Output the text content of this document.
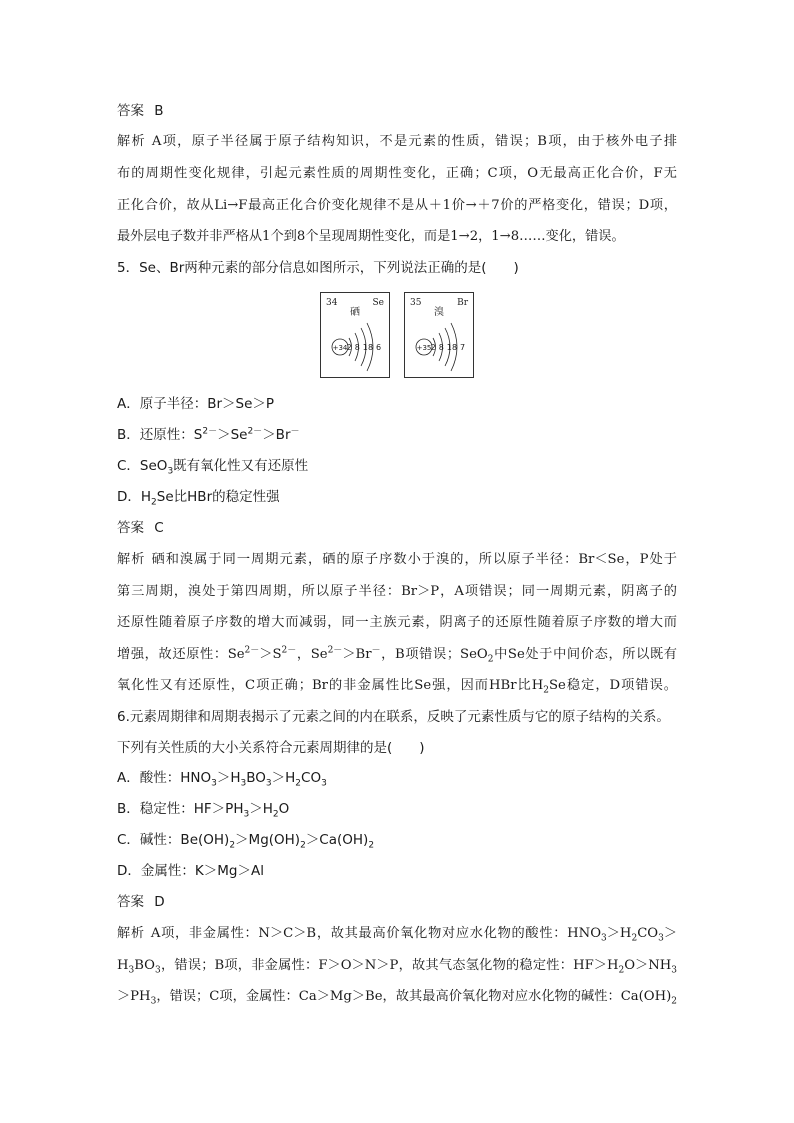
答案 B
解析 A项，原子半径属于原子结构知识，不是元素的性质，错误；B项，由于核外电子排
布的周期性变化规律，引起元素性质的周期性变化，正确；C项，O无最高正化合价，F无
正化合价，故从Li→F最高正化合价变化规律不是从＋1价→＋7价的严格变化，错误；D项，
最外层电子数并非严格从1个到8个呈现周期性变化，而是1→2，1→8……变化，错误。
5．Se、Br两种元素的部分信息如图所示，下列说法正确的是(　　)
34	Se
硒
+34 2 8 18 6
35	Br
溴
+35 2 8 18 7
A．原子半径：Br＞Se＞P
B．还原性：$S^{2-}>Se^{2-}>Br^-$
C．SeO$_3$既有氧化性又有还原性
D．$H_2Se$比HBr的稳定性强
答案 C
解析 硒和溴属于同一周期元素，硒的原子序数小于溴的，所以原子半径：Br＜Se，P处于
第三周期，溴处于第四周期，所以原子半径：Br＞P，A项错误；同一周期元素，阴离子的
还原性随着原子序数的增大而减弱，同一主族元素，阴离子的还原性随着原子序数的增大而
增强，故还原性：$Se^{2-}>S^{2-}$，$Se^{2-}>Br^-$，B项错误；SeO$_2$中Se处于中间价态，所以既有
氧化性又有还原性，C项正确；Br的非金属性比Se强，因而HBr比$H_2Se$稳定，D项错误。
6.元素周期律和周期表揭示了元素之间的内在联系，反映了元素性质与它的原子结构的关系。
下列有关性质的大小关系符合元素周期律的是(　　)
A．酸性：$HNO_3>H_3BO_3>H_2CO_3$
B．稳定性：$HF>PH_3>H_2O$
C．碱性：$Be(OH)_2>Mg(OH)_2>Ca(OH)_2$
D．金属性：K＞Mg＞Al
答案 D
解析 A项，非金属性：N＞C＞B，故其最高价氧化物对应水化物的酸性：$HNO_3>H_2CO_3>$
$H_3BO_3$，错误；B项，非金属性：F＞O＞N＞P，故其气态氢化物的稳定性：$HF>H_2O>NH_3$
$>PH_3$，错误；C项，金属性：Ca＞Mg＞Be，故其最高价氧化物对应水化物的碱性：$Ca(OH)_2$
